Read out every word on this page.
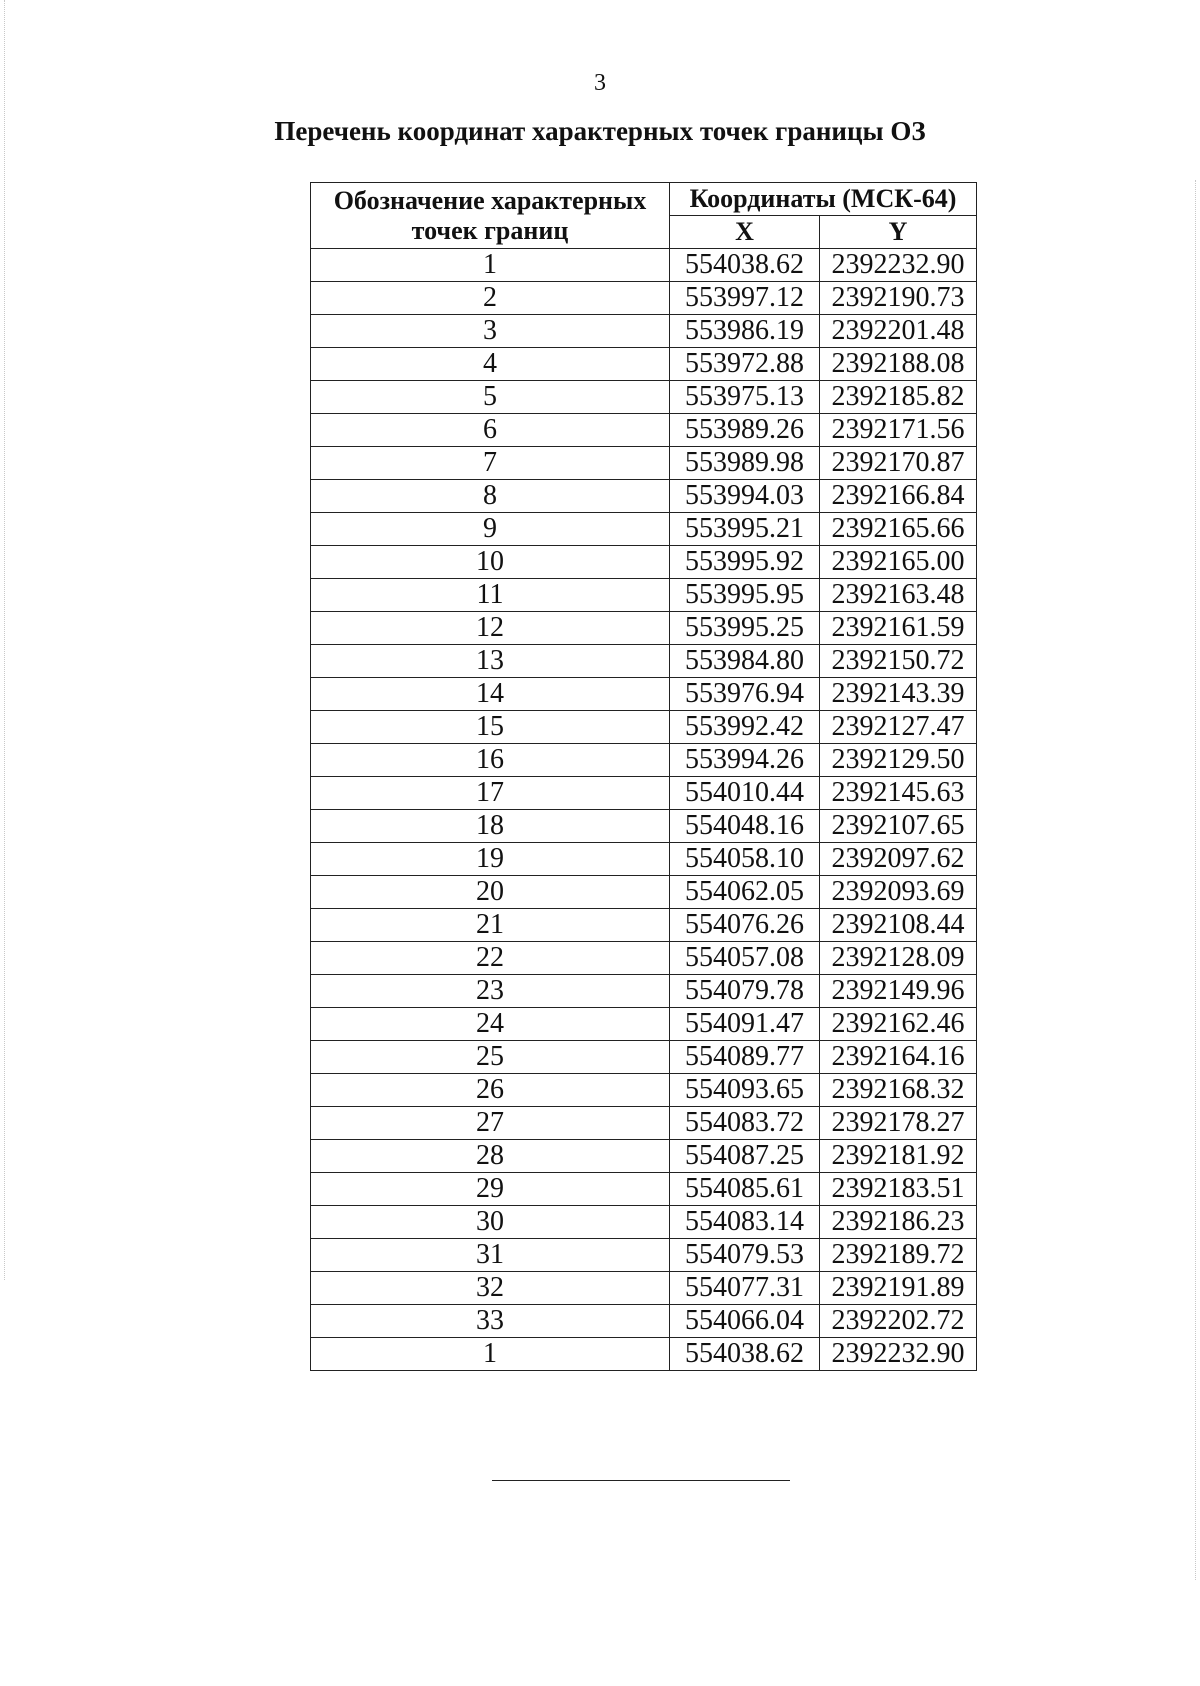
3
Перечень координат характерных точек границы ОЗ
Обозначение характерных точек границ	Координаты (МСК-64)	
	X	Y
1	554038.62	2392232.90
2	553997.12	2392190.73
3	553986.19	2392201.48
4	553972.88	2392188.08
5	553975.13	2392185.82
6	553989.26	2392171.56
7	553989.98	2392170.87
8	553994.03	2392166.84
9	553995.21	2392165.66
10	553995.92	2392165.00
11	553995.95	2392163.48
12	553995.25	2392161.59
13	553984.80	2392150.72
14	553976.94	2392143.39
15	553992.42	2392127.47
16	553994.26	2392129.50
17	554010.44	2392145.63
18	554048.16	2392107.65
19	554058.10	2392097.62
20	554062.05	2392093.69
21	554076.26	2392108.44
22	554057.08	2392128.09
23	554079.78	2392149.96
24	554091.47	2392162.46
25	554089.77	2392164.16
26	554093.65	2392168.32
27	554083.72	2392178.27
28	554087.25	2392181.92
29	554085.61	2392183.51
30	554083.14	2392186.23
31	554079.53	2392189.72
32	554077.31	2392191.89
33	554066.04	2392202.72
1	554038.62	2392232.90
